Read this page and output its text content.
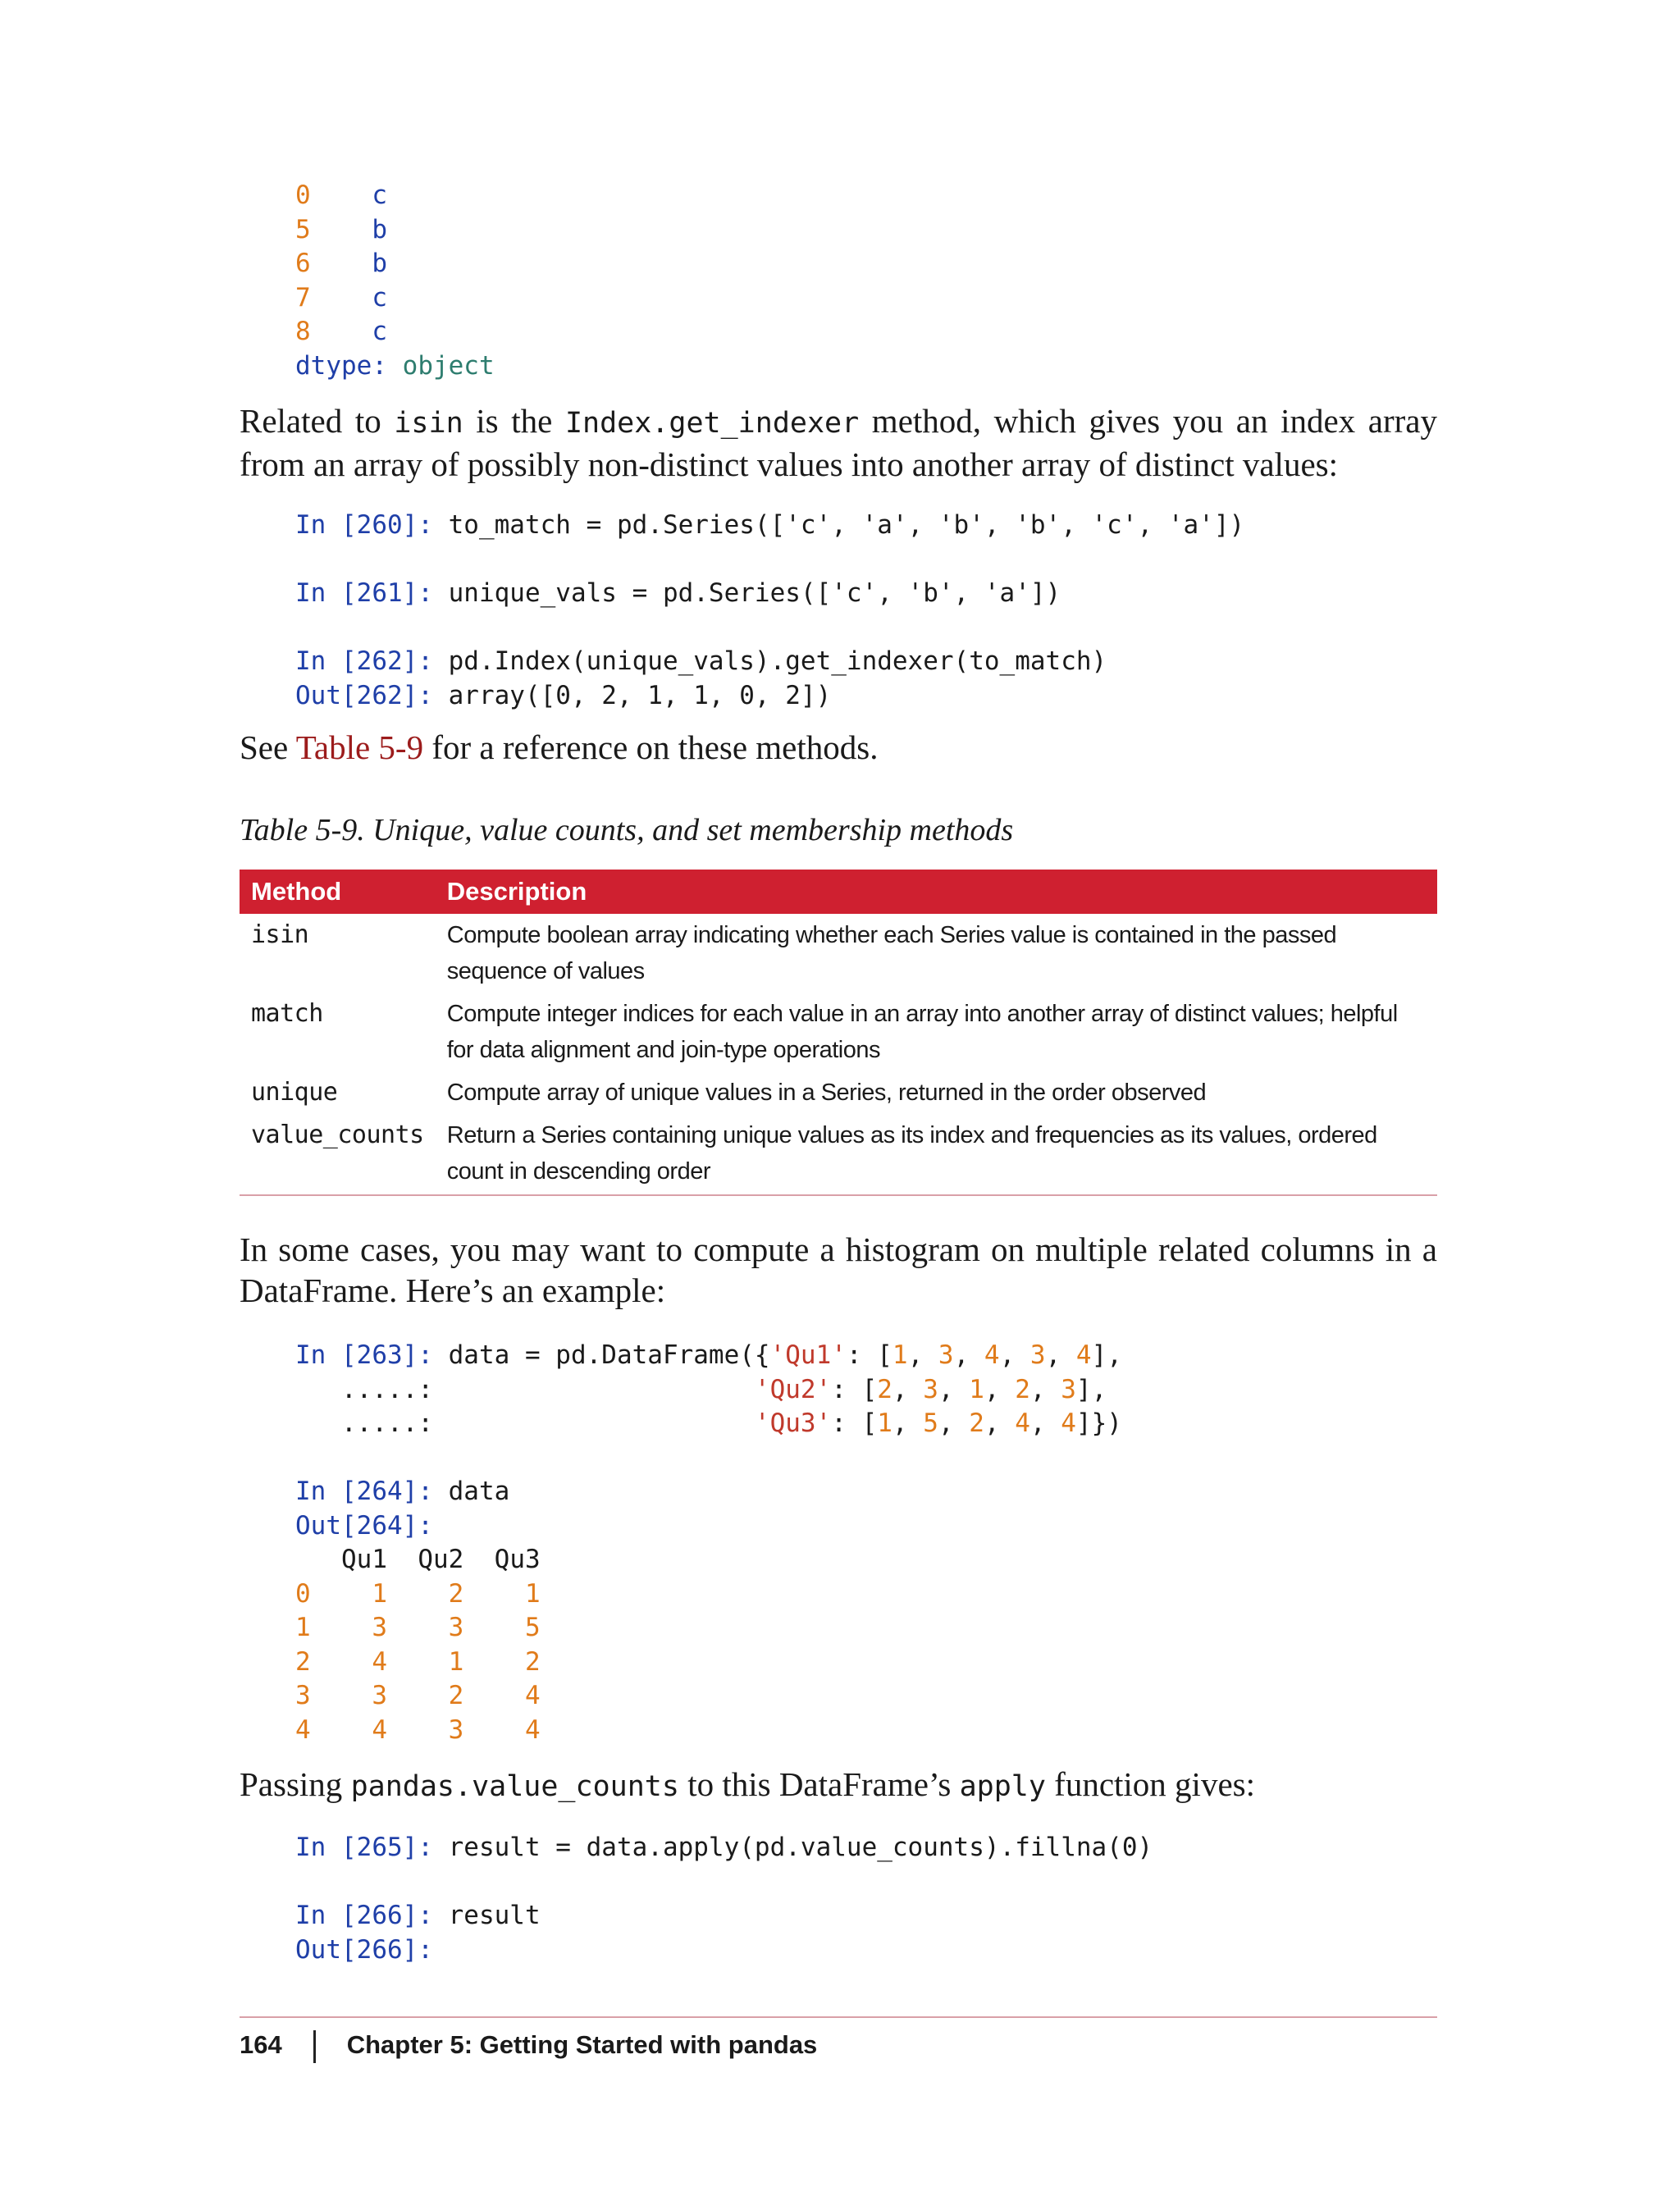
0 c
5 b
6 b
7 c
8 c
dtype: object

Related to isin is the Index.get_indexer method, which gives you an index array from an array of possibly non-distinct values into another array of distinct values:

In [260]: to_match = pd.Series(['c', 'a', 'b', 'b', 'c', 'a'])

In [261]: unique_vals = pd.Series(['c', 'b', 'a'])

In [262]: pd.Index(unique_vals).get_indexer(to_match)
Out[262]: array([0, 2, 1, 1, 0, 2])

See Table 5-9 for a reference on these methods.

Table 5-9. Unique, value counts, and set membership methods

Method	Description
isin	Compute boolean array indicating whether each Series value is contained in the passed sequence of values
match	Compute integer indices for each value in an array into another array of distinct values; helpful for data alignment and join-type operations
unique	Compute array of unique values in a Series, returned in the order observed
value_counts	Return a Series containing unique values as its index and frequencies as its values, ordered count in descending order

In some cases, you may want to compute a histogram on multiple related columns in a DataFrame. Here’s an example:

In [263]: data = pd.DataFrame({'Qu1': [1, 3, 4, 3, 4],
.....:	'Qu2': [2, 3, 1, 2, 3],
.....:	'Qu3': [1, 5, 2, 4, 4]})

In [264]: data
Out[264]:
Qu1 Qu2 Qu3
0 1 2 1
1 3 3 5
2 4 1 2
3 3 2 4
4 4 3 4

Passing pandas.value_counts to this DataFrame’s apply function gives:

In [265]: result = data.apply(pd.value_counts).fillna(0)

In [266]: result
Out[266]:
164	Chapter 5: Getting Started with pandas
